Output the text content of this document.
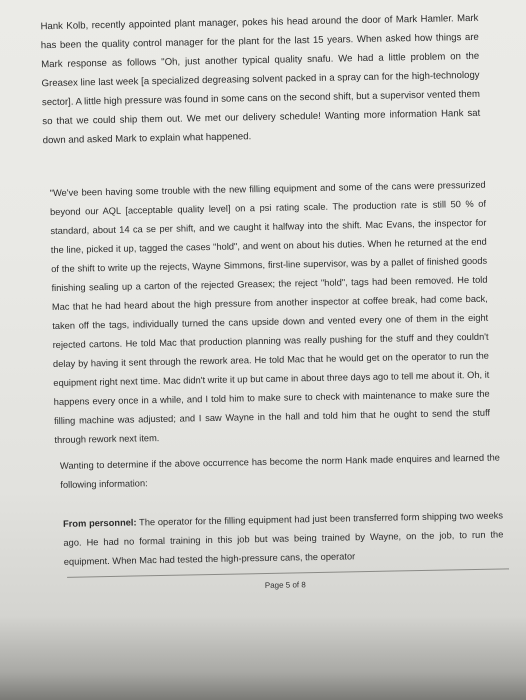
Hank Kolb, recently appointed plant manager, pokes his head around the door of Mark Hamler. Mark has been the quality control manager for the plant for the last 15 years. When asked how things are Mark response as follows "Oh, just another typical quality snafu. We had a little problem on the Greasex line last week [a specialized degreasing solvent packed in a spray can for the high-technology sector]. A little high pressure was found in some cans on the second shift, but a supervisor vented them so that we could ship them out. We met our delivery schedule! Wanting more information Hank sat down and asked Mark to explain what happened.

"We've been having some trouble with the new filling equipment and some of the cans were pressurized beyond our AQL [acceptable quality level] on a psi rating scale. The production rate is still 50 % of standard, about 14 ca se per shift, and we caught it halfway into the shift. Mac Evans, the inspector for the line, picked it up, tagged the cases "hold", and went on about his duties. When he returned at the end of the shift to write up the rejects, Wayne Simmons, first-line supervisor, was by a pallet of finished goods finishing sealing up a carton of the rejected Greasex; the reject "hold", tags had been removed. He told Mac that he had heard about the high pressure from another inspector at coffee break, had come back, taken off the tags, individually turned the cans upside down and vented every one of them in the eight rejected cartons. He told Mac that production planning was really pushing for the stuff and they couldn't delay by having it sent through the rework area. He told Mac that he would get on the operator to run the equipment right next time. Mac didn't write it up but came in about three days ago to tell me about it. Oh, it happens every once in a while, and I told him to make sure to check with maintenance to make sure the filling machine was adjusted; and I saw Wayne in the hall and told him that he ought to send the stuff through rework next item.

Wanting to determine if the above occurrence has become the norm Hank made enquires and learned the following information:

From personnel: The operator for the filling equipment had just been transferred form shipping two weeks ago. He had no formal training in this job but was being trained by Wayne, on the job, to run the equipment. When Mac had tested the high-pressure cans, the operator

Page 5 of 8
